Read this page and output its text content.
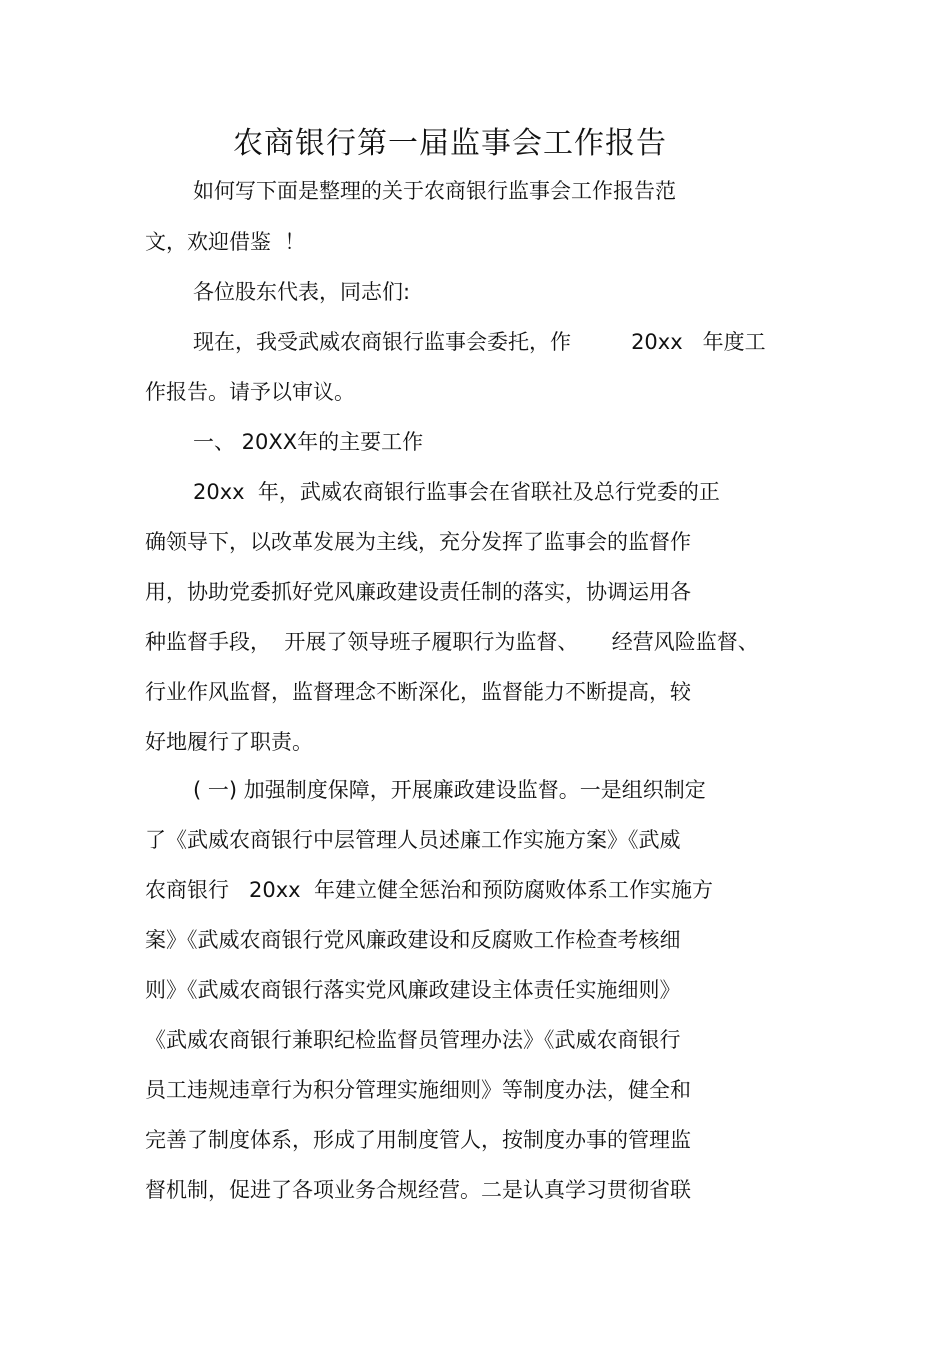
农商银行第一届监事会工作报告
如何写下面是整理的关于农商银行监事会工作报告范
文，欢迎借鉴  ！
各位股东代表，同志们:
现在，我受武威农商银行监事会委托，作         20xx   年度工
作报告。请予以审议。
一、 20XX年的主要工作
20xx  年，武威农商银行监事会在省联社及总行党委的正
确领导下，以改革发展为主线，充分发挥了监事会的监督作
用，协助党委抓好党风廉政建设责任制的落实，协调运用各
种监督手段，  开展了领导班子履职行为监督、     经营风险监督、
行业作风监督，监督理念不断深化，监督能力不断提高，较
好地履行了职责。
( 一) 加强制度保障，开展廉政建设监督。一是组织制定
了《武威农商银行中层管理人员述廉工作实施方案》《武威
农商银行   20xx  年建立健全惩治和预防腐败体系工作实施方
案》《武威农商银行党风廉政建设和反腐败工作检查考核细
则》《武威农商银行落实党风廉政建设主体责任实施细则》
《武威农商银行兼职纪检监督员管理办法》《武威农商银行
员工违规违章行为积分管理实施细则》等制度办法，健全和
完善了制度体系，形成了用制度管人，按制度办事的管理监
督机制，促进了各项业务合规经营。二是认真学习贯彻省联
